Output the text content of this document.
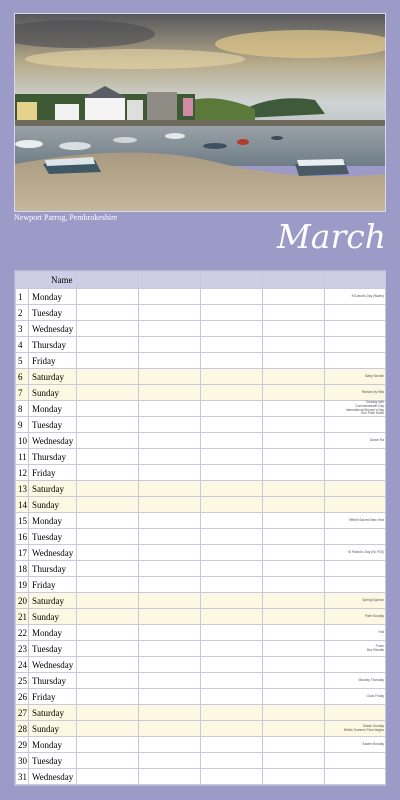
Newport Parrog, Pembrokeshire	March
Name						
1	Monday					St David's Day (Wales)
2	Tuesday					
3	Wednesday					
4	Thursday					
5	Friday					
6	Saturday					Baby Sinclair
7	Sunday					Richard by Hills
8	Monday					Tuesday with
Commonwealth Day
International Women's Day
Box Price Holes
9	Tuesday					
10	Wednesday					Dance Ra
11	Thursday					
12	Friday					
13	Saturday					
14	Sunday					
15	Monday					Fiftieth Sacred New Year
16	Tuesday					
17	Wednesday					St Patrick's Day (NI, ROI)
18	Thursday					
19	Friday					
20	Saturday					Spring Equinox
21	Sunday					Palm Sunday
22	Monday					Holi
23	Tuesday					Purim
Box Results
24	Wednesday					
25	Thursday					Maundy Thursday
26	Friday					Good Friday
27	Saturday					
28	Sunday					Easter Sunday
British Summer Time begins
29	Monday					Easter Monday
30	Tuesday					
31	Wednesday					
